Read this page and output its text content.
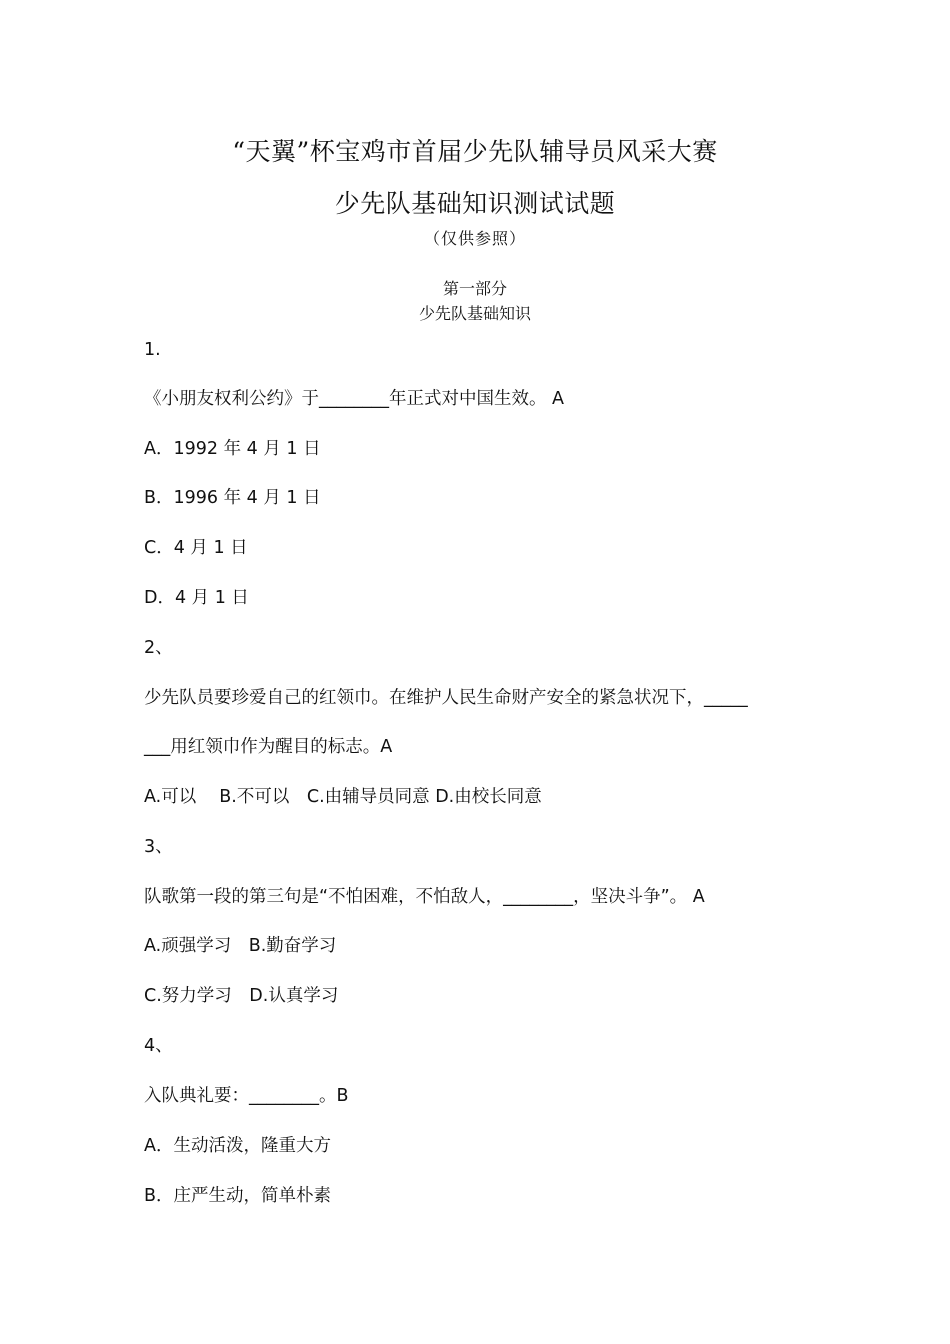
“天翼”杯宝鸡市首届少先队辅导员风采大赛
少先队基础知识测试试题
（仅供参照）
第一部分
少先队基础知识
1.
《小朋友权利公约》于________年正式对中国生效。 A
A．1992 年 4 月 1 日
B．1996 年 4 月 1 日
C．4 月 1 日
D．4 月 1 日
2、
少先队员要珍爱自己的红领巾。在维护人民生命财产安全的紧急状况下，_____
___用红领巾作为醒目的标志。A
A.可以　 B.不可以　C.由辅导员同意 D.由校长同意
3、
队歌第一段的第三句是“不怕困难，不怕敌人，________，坚决斗争”。 A
A.顽强学习　B.勤奋学习
C.努力学习　D.认真学习
4、
入队典礼要：________。B
A．生动活泼，隆重大方
B．庄严生动，简单朴素
